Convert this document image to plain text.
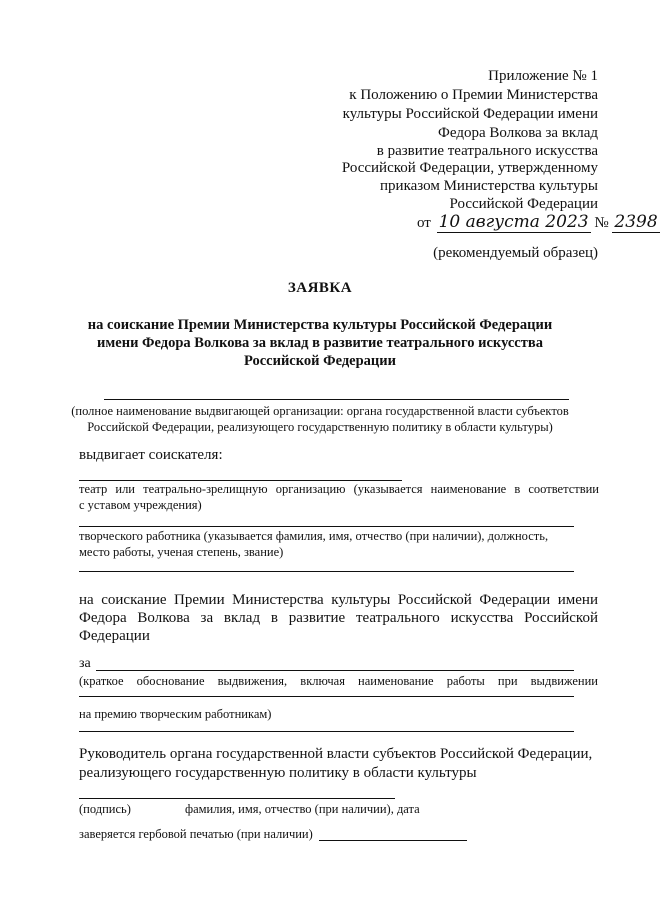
Приложение № 1
к Положению о Премии Министерства
культуры Российской Федерации имени
Федора Волкова за вклад
в развитие театрального искусства
Российской Федерации, утвержденному
приказом Министерства культуры
Российской Федерации
от 10 августа 2023 № 2398
(рекомендуемый образец)
ЗАЯВКА
на соискание Премии Министерства культуры Российской Федерации
имени Федора Волкова за вклад в развитие театрального искусства
Российской Федерации
(полное наименование выдвигающей организации: органа государственной власти субъектов
Российской Федерации, реализующего государственную политику в области культуры)
выдвигает соискателя:
театр или театрально-зрелищную организацию (указывается наименование в соответствии
с уставом учреждения)
творческого работника (указывается фамилия, имя, отчество (при наличии), должность,
место работы, ученая степень, звание)
на соискание Премии Министерства культуры Российской Федерации имени
Федора Волкова за вклад в развитие театрального искусства Российской
Федерации
за
(краткое обоснование выдвижения, включая наименование работы при выдвижении
на премию творческим работникам)
Руководитель органа государственной власти субъектов Российской Федерации,
реализующего государственную политику в области культуры
(подпись)	фамилия, имя, отчество (при наличии), дата
заверяется гербовой печатью (при наличии)
